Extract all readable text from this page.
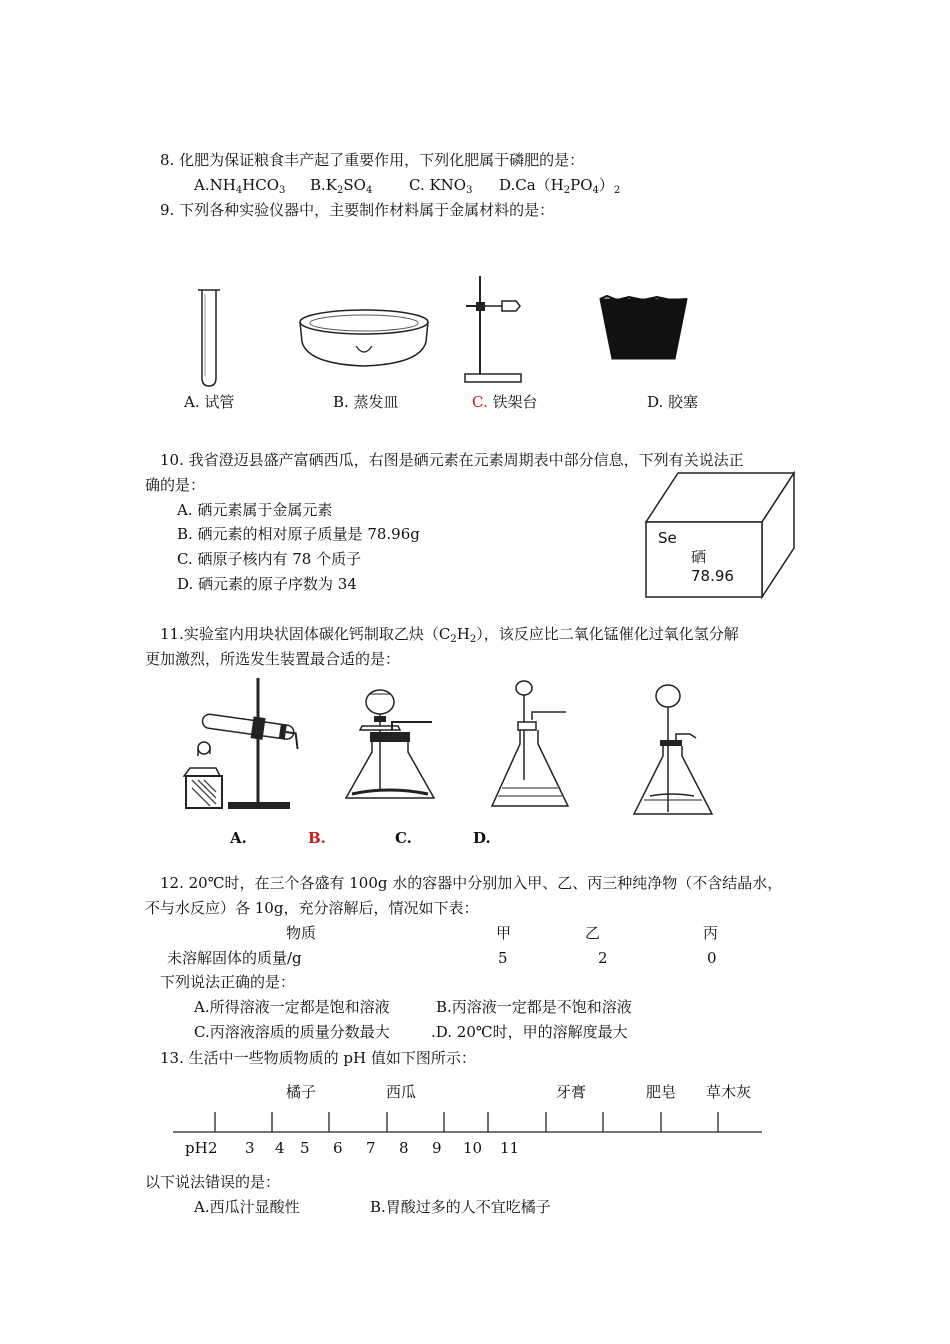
8. 化肥为保证粮食丰产起了重要作用，下列化肥属于磷肥的是：
$A.NH_4HCO_3$ $B.K_2SO_4$ C. $KNO_3$ $D.Ca(H_2PO_4)_2$
9. 下列各种实验仪器中，主要制作材料属于金属材料的是：
A. 试管	B. 蒸发皿	C. 铁架台	D. 胶塞
10. 我省澄迈县盛产富硒西瓜，右图是硒元素在元素周期表中部分信息，下列有关说法正
确的是：
A. 硒元素属于金属元素
B. 硒元素的相对原子质量是 78.96g
C. 硒原子核内有 78 个质子
D. 硒元素的原子序数为 34
Se
硒
78.96
11.实验室内用块状固体碳化钙制取乙炔$(C_2H_2)$，该反应比二氧化锰催化过氧化氢分解
更加激烈，所选发生装置最合适的是：
A.	B.	C.	D.
12. 20℃时，在三个各盛有 100g 水的容器中分别加入甲、乙、丙三种纯净物（不含结晶水，
不与水反应）各 10g，充分溶解后，情况如下表：
物质	甲	乙	丙
未溶解固体的质量/g	5	2	0
下列说法正确的是：
A.所得溶液一定都是饱和溶液	B.丙溶液一定都是不饱和溶液
C.丙溶液溶质的质量分数最大	.D. 20℃时，甲的溶解度最大
13. 生活中一些物质物质的 pH 值如下图所示：
橘子	西瓜	牙膏	肥皂 草木灰
pH 2 3 4 5 6 7 8 9 10 11
以下说法错误的是：
A.西瓜汁显酸性	B.胃酸过多的人不宜吃橘子
